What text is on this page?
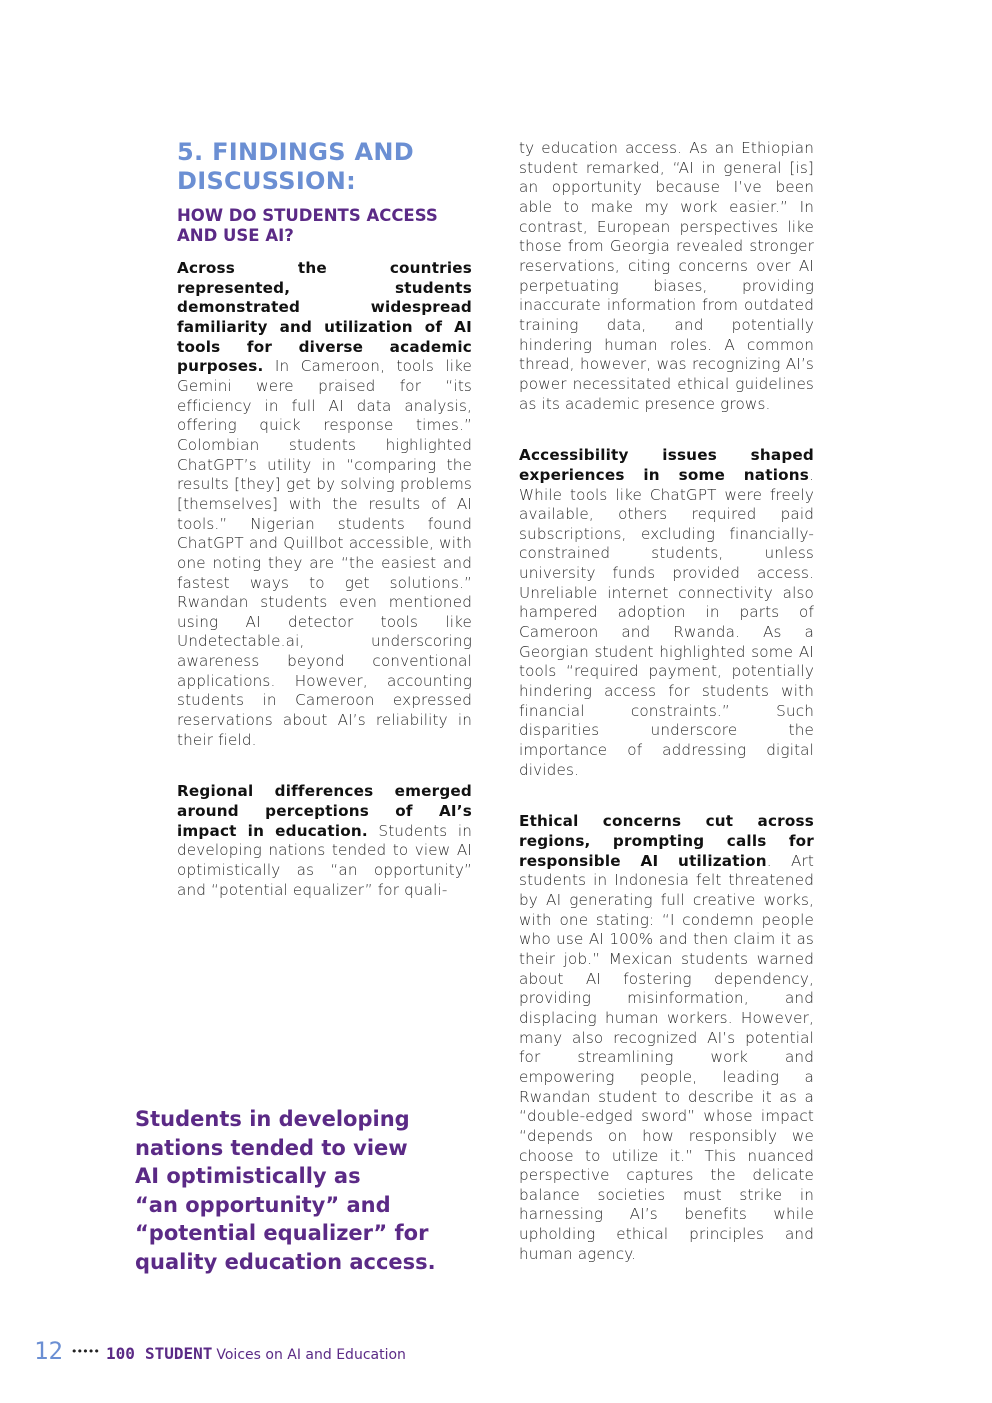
5. FINDINGS AND
DISCUSSION:
HOW DO STUDENTS ACCESS
AND USE AI?

Across the countries represented, students demonstrated widespread familiarity and utilization of AI tools for diverse academic purposes. In Cameroon, tools like Gemini were praised for “its efficiency in full AI data analysis, offering quick response times.” Colombian students highlighted ChatGPT’s utility in “comparing the results [they] get by solving problems [themselves] with the results of AI tools.” Nigerian students found ChatGPT and Quillbot accessible, with one noting they are “the easiest and fastest ways to get solutions.” Rwandan students even mentioned using AI detector tools like Undetectable.ai, underscoring awareness beyond conventional applications. However, accounting students in Cameroon expressed reservations about AI’s reliability in their field.

Regional differences emerged around perceptions of AI’s impact in education. Students in developing nations tended to view AI optimistically as “an opportunity” and “potential equalizer” for quali-

ty education access. As an Ethiopian student remarked, “AI in general [is] an opportunity because I’ve been able to make my work easier.” In contrast, European perspectives like those from Georgia revealed stronger reservations, citing concerns over AI perpetuating biases, providing inaccurate information from outdated training data, and potentially hindering human roles. A common thread, however, was recognizing AI’s power necessitated ethical guidelines as its academic presence grows.

Accessibility issues shaped experiences in some nations. While tools like ChatGPT were freely available, others required paid subscriptions, excluding financially-constrained students, unless university funds provided access. Unreliable internet connectivity also hampered adoption in parts of Cameroon and Rwanda. As a Georgian student highlighted some AI tools “required payment, potentially hindering access for students with financial constraints.” Such disparities underscore the importance of addressing digital divides.

Ethical concerns cut across regions, prompting calls for responsible AI utilization. Art students in Indonesia felt threatened by AI generating full creative works, with one stating: “I condemn people who use AI 100% and then claim it as their job.” Mexican students warned about AI fostering dependency, providing misinformation, and displacing human workers. However, many also recognized AI’s potential for streamlining work and empowering people, leading a Rwandan student to describe it as a “double-edged sword” whose impact “depends on how responsibly we choose to utilize it.” This nuanced perspective captures the delicate balance societies must strike in harnessing AI’s benefits while upholding ethical principles and human agency.

Students in developing
nations tended to view
AI optimistically as
“an opportunity” and
“potential equalizer” for
quality education access.

12 ••••• 100 STUDENT Voices on AI and Education
